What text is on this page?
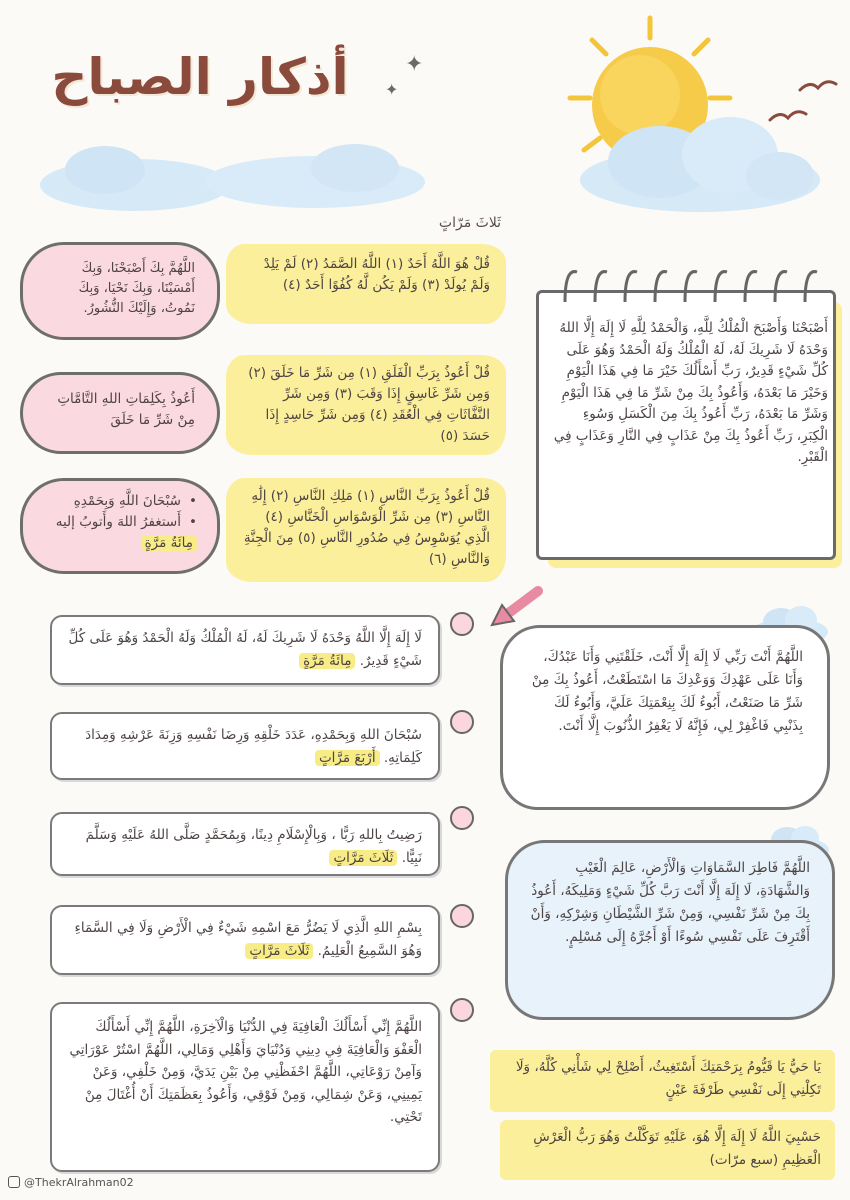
أذكار الصباح	✦
✦
ثَلاثَ مَرّاتٍ
أَصْبَحْنَا وَأَصْبَحَ الْمُلْكُ لِلَّهِ، وَالْحَمْدُ لِلَّهِ لَا إِلَهَ إِلَّا اللهُ وَحْدَهُ لَا شَرِيكَ لَهُ، لَهُ الْمُلْكُ وَلَهُ الْحَمْدُ وَهُوَ عَلَى كُلِّ شَيْءٍ قَدِيرٌ، رَبِّ أَسْأَلُكَ خَيْرَ مَا فِي هَذَا الْيَوْمِ وَخَيْرَ مَا بَعْدَهُ، وَأَعُوذُ بِكَ مِنْ شَرِّ مَا فِي هَذَا الْيَوْمِ وَشَرِّ مَا بَعْدَهُ، رَبِّ أَعُوذُ بِكَ مِنَ الْكَسَلِ وَسُوءِ الْكِبَرِ، رَبِّ أَعُوذُ بِكَ مِنْ عَذَابٍ فِي النَّارِ وَعَذَابٍ فِي الْقَبْرِ.
قُلْ هُوَ اللَّهُ أَحَدٌ (١) اللَّهُ الصَّمَدُ (٢) لَمْ يَلِدْ وَلَمْ يُولَدْ (٣) وَلَمْ يَكُن لَّهُ كُفُوًا أَحَدٌ (٤)
قُلْ أَعُوذُ بِرَبِّ الْفَلَقِ (١) مِن شَرِّ مَا خَلَقَ (٢) وَمِن شَرِّ غَاسِقٍ إِذَا وَقَبَ (٣) وَمِن شَرِّ النَّفَّاثَاتِ فِي الْعُقَدِ (٤) وَمِن شَرِّ حَاسِدٍ إِذَا حَسَدَ (٥)
قُلْ أَعُوذُ بِرَبِّ النَّاسِ (١) مَلِكِ النَّاسِ (٢) إِلَٰهِ النَّاسِ (٣) مِن شَرِّ الْوَسْوَاسِ الْخَنَّاسِ (٤) الَّذِي يُوَسْوِسُ فِي صُدُورِ النَّاسِ (٥) مِنَ الْجِنَّةِ وَالنَّاسِ (٦)
اللَّهُمَّ بِكَ أَصْبَحْنَا، وَبِكَ أَمْسَيْنَا، وَبِكَ نَحْيَا، وَبِكَ نَمُوتُ، وَإِلَيْكَ النُّشُورُ.
أَعُوذُ بِكَلِمَاتِ اللهِ التَّامَّاتِ مِنْ شَرِّ مَا خَلَقَ
• سُبْحَانَ اللَّهِ وَبِحَمْدِهِ
• أَستغفرُ اللهَ وأَتوبُ إليه
مِائَةُ مَرَّةٍ
لَا إِلَهَ إِلَّا اللَّهُ وَحْدَهُ لَا شَرِيكَ لَهُ، لَهُ الْمُلْكُ وَلَهُ الْحَمْدُ وَهُوَ عَلَى كُلِّ شَيْءٍ قَدِيرٌ. مِائَةُ مَرَّةٍ
سُبْحَانَ اللهِ وَبِحَمْدِهِ، عَدَدَ خَلْقِهِ وَرِضَا نَفْسِهِ وَزِنَةَ عَرْشِهِ وَمِدَادَ كَلِمَاتِهِ. أَرْبَعَ مَرَّاتٍ
رَضِيتُ بِاللهِ رَبًّا ، وَبِالْإِسْلَامِ دِينًا، وَبِمُحَمَّدٍ صَلَّى اللهُ عَلَيْهِ وَسَلَّمَ نَبِيًّا. ثَلَاثَ مَرَّاتٍ
بِسْمِ اللهِ الَّذِي لَا يَضُرُّ مَعَ اسْمِهِ شَيْءٌ فِي الْأَرْضِ وَلَا فِي السَّمَاءِ وَهُوَ السَّمِيعُ الْعَلِيمُ. ثَلَاثَ مَرَّاتٍ
اللَّهُمَّ إِنِّي أَسْأَلُكَ الْعَافِيَةَ فِي الدُّنْيَا وَالْآخِرَةِ، اللَّهُمَّ إِنِّي أَسْأَلُكَ الْعَفْوَ وَالْعَافِيَةَ فِي دِينِي وَدُنْيَايَ وَأَهْلِي وَمَالِي، اللَّهُمَّ اسْتُرْ عَوْرَاتِي وَآمِنْ رَوْعَاتِي، اللَّهُمَّ احْفَظْنِي مِنْ بَيْنِ يَدَيَّ، وَمِنْ خَلْفِي، وَعَنْ يَمِينِي، وَعَنْ شِمَالِي، وَمِنْ فَوْقِي، وَأَعُوذُ بِعَظَمَتِكَ أَنْ أُغْتَالَ مِنْ تَحْتِي.
اللَّهُمَّ أَنْتَ رَبِّي لَا إِلَهَ إِلَّا أَنْتَ، خَلَقْتَنِي وَأَنَا عَبْدُكَ، وَأَنَا عَلَى عَهْدِكَ وَوَعْدِكَ مَا اسْتَطَعْتُ، أَعُوذُ بِكَ مِنْ شَرِّ مَا صَنَعْتُ، أَبُوءُ لَكَ بِنِعْمَتِكَ عَلَيَّ، وَأَبُوءُ لَكَ بِذَنْبِي فَاغْفِرْ لِي، فَإِنَّهُ لَا يَغْفِرُ الذُّنُوبَ إِلَّا أَنْتَ.
اللَّهُمَّ فَاطِرَ السَّمَاوَاتِ وَالْأَرْضِ، عَالِمَ الْغَيْبِ وَالشَّهَادَةِ، لَا إِلَهَ إِلَّا أَنْتَ رَبَّ كُلِّ شَيْءٍ وَمَلِيكَهُ، أَعُوذُ بِكَ مِنْ شَرِّ نَفْسِي، وَمِنْ شَرِّ الشَّيْطَانِ وَشِرْكِهِ، وَأَنْ أَقْتَرِفَ عَلَى نَفْسِي سُوءًا أَوْ أَجُرَّهُ إِلَى مُسْلِمٍ.
يَا حَيُّ يَا قَيُّومُ بِرَحْمَتِكَ أَسْتَغِيثُ، أَصْلِحْ لِي شَأْنِي كُلَّهُ، وَلَا تَكِلْنِي إِلَى نَفْسِي طَرْفَةَ عَيْنٍ
حَسْبِيَ اللَّهُ لَا إِلَهَ إِلَّا هُوَ، عَلَيْهِ تَوَكَّلْتُ وَهُوَ رَبُّ الْعَرْشِ الْعَظِيمِ (سبع مرّات)
@ThekrAlrahman02
